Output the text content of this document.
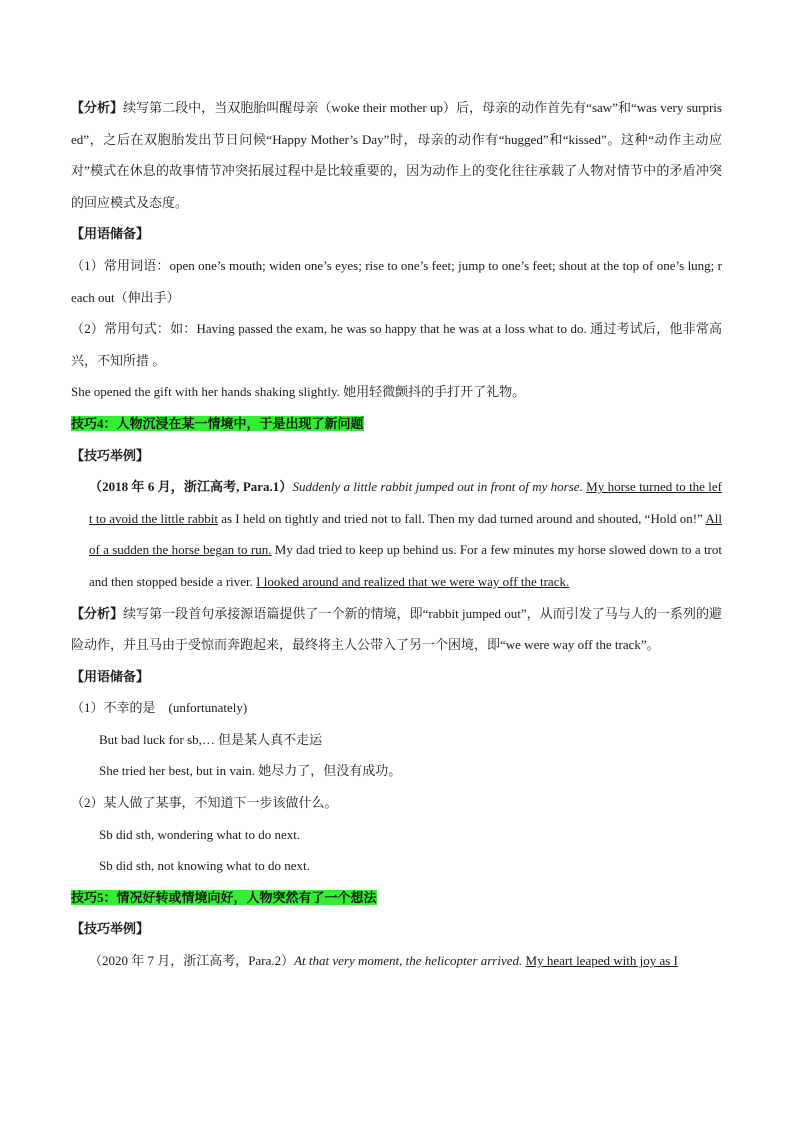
【分析】续写第二段中，当双胞胎叫醒母亲（woke their mother up）后，母亲的动作首先有“saw”和“was very surprised”，之后在双胞胎发出节日问候“Happy Mother’s Day”时，母亲的动作有“hugged”和“kissed”。这种“动作主动应对”模式在休息的故事情节冲突拓展过程中是比较重要的，因为动作上的变化往往承载了人物对情节中的矛盾冲突的回应模式及态度。

【用语储备】

（1）常用词语：open one’s mouth; widen one’s eyes; rise to one’s feet; jump to one’s feet; shout at the top of one’s lung; reach out（伸出手）

（2）常用句式：如：Having passed the exam, he was so happy that he was at a loss what to do. 通过考试后，他非常高兴，不知所措 。

She opened the gift with her hands shaking slightly. 她用轻微颤抖的手打开了礼物。

技巧4：人物沉浸在某一情境中，于是出现了新问题

【技巧举例】

（2018 年 6 月，浙江高考, Para.1）Suddenly a little rabbit jumped out in front of my horse. My horse turned to the left to avoid the little rabbit as I held on tightly and tried not to fall. Then my dad turned around and shouted, “Hold on!” All of a sudden the horse began to run. My dad tried to keep up behind us. For a few minutes my horse slowed down to a trot and then stopped beside a river. I looked around and realized that we were way off the track.

【分析】续写第一段首句承接源语篇提供了一个新的情境，即“rabbit jumped out”，从而引发了马与人的一系列的避险动作，并且马由于受惊而奔跑起来，最终将主人公带入了另一个困境，即“we were way off the track”。

【用语储备】

（1）不幸的是　(unfortunately)

But bad luck for sb,… 但是某人真不走运

She tried her best, but in vain. 她尽力了，但没有成功。

（2）某人做了某事，不知道下一步该做什么。

Sb did sth, wondering what to do next.

Sb did sth, not knowing what to do next.

技巧5：情况好转或情境向好，人物突然有了一个想法

【技巧举例】

（2020 年 7 月，浙江高考，Para.2）At that very moment, the helicopter arrived. My heart leaped with joy as I
